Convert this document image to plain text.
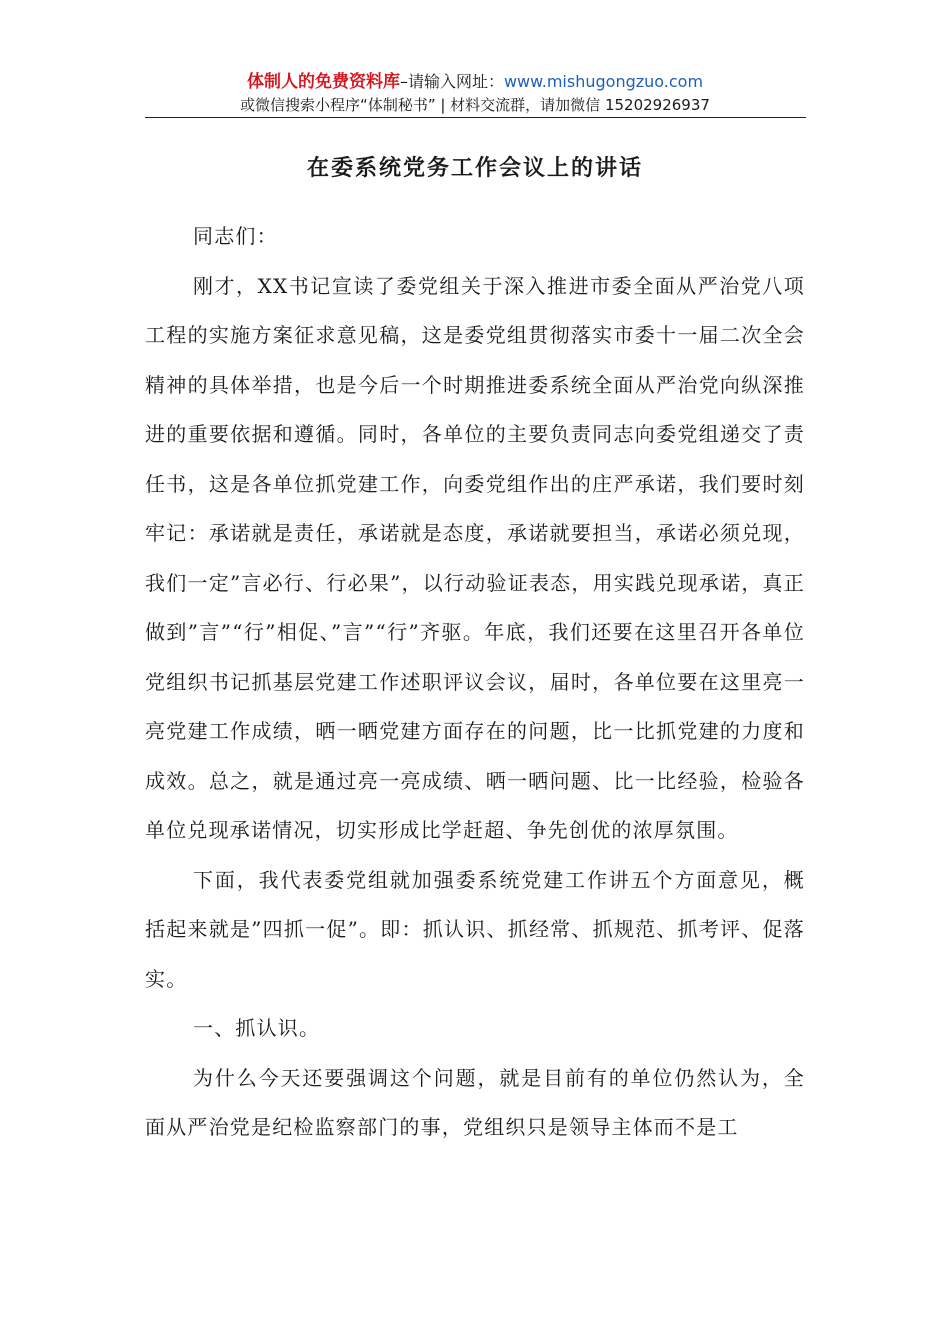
体制人的免费资料库–请输入网址：www.mishugongzuo.com
或微信搜索小程序“体制秘书” | 材料交流群，请加微信 15202926937
在委系统党务工作会议上的讲话

同志们：

刚才，XX书记宣读了委党组关于深入推进市委全面从严治党八项工程的实施方案征求意见稿，这是委党组贯彻落实市委十一届二次全会精神的具体举措，也是今后一个时期推进委系统全面从严治党向纵深推进的重要依据和遵循。同时，各单位的主要负责同志向委党组递交了责任书，这是各单位抓党建工作，向委党组作出的庄严承诺，我们要时刻牢记：承诺就是责任，承诺就是态度，承诺就要担当，承诺必须兑现，我们一定”言必行、行必果”，以行动验证表态，用实践兑现承诺，真正做到”言”“行”相促、”言”“行”齐驱。年底，我们还要在这里召开各单位党组织书记抓基层党建工作述职评议会议，届时，各单位要在这里亮一亮党建工作成绩，晒一晒党建方面存在的问题，比一比抓党建的力度和成效。总之，就是通过亮一亮成绩、晒一晒问题、比一比经验，检验各单位兑现承诺情况，切实形成比学赶超、争先创优的浓厚氛围。

下面，我代表委党组就加强委系统党建工作讲五个方面意见，概括起来就是”四抓一促”。即：抓认识、抓经常、抓规范、抓考评、促落实。

一、抓认识。

为什么今天还要强调这个问题，就是目前有的单位仍然认为，全面从严治党是纪检监察部门的事，党组织只是领导主体而不是工
